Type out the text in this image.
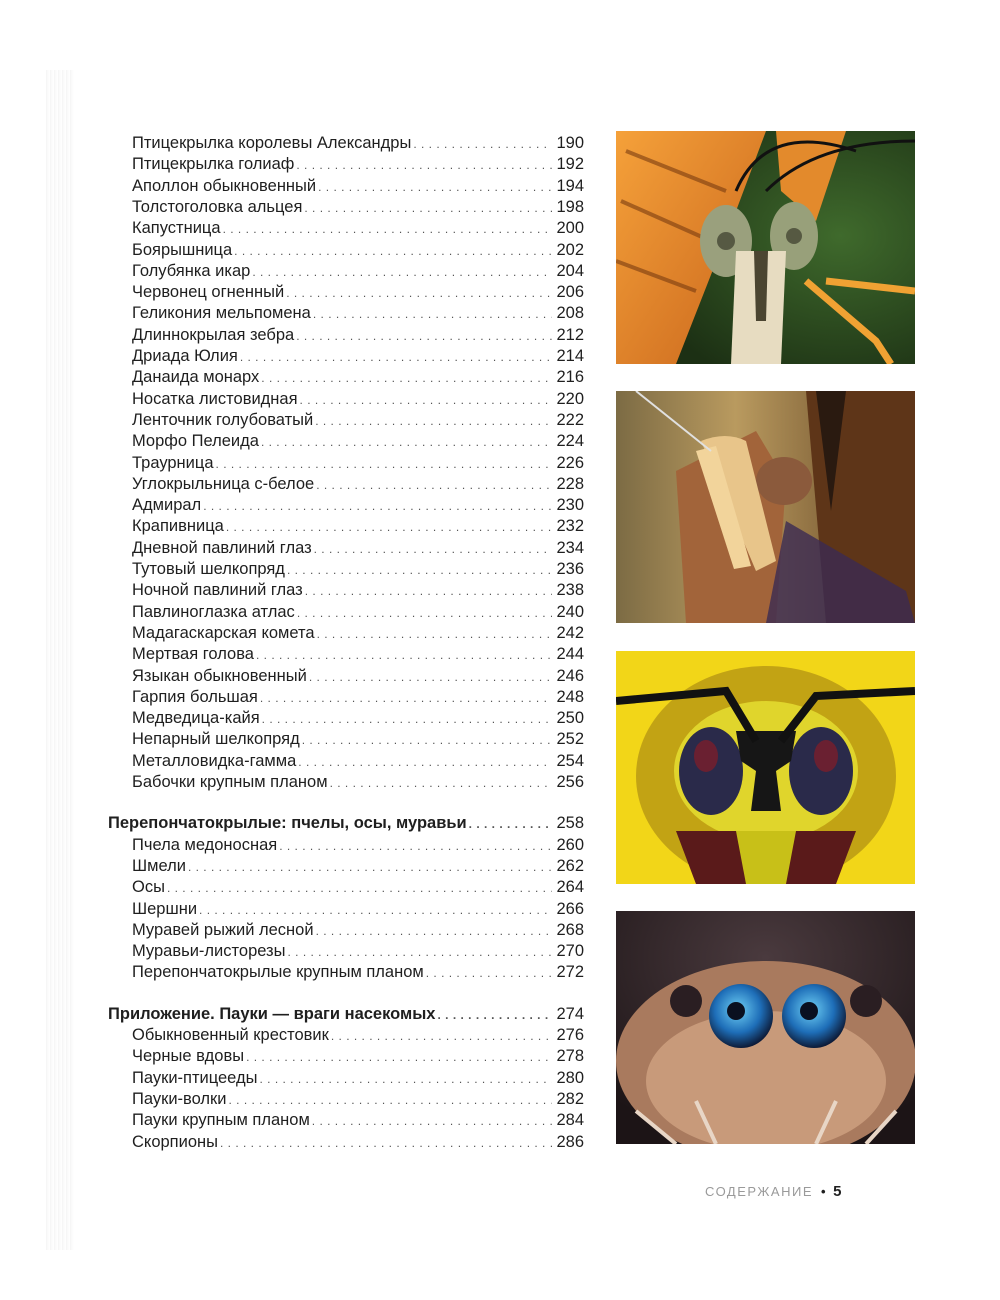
Птицекрылка королевы Александры . . .	190
Птицекрылка голиаф . . .	192
Аполлон обыкновенный . . .	194
Толстоголовка альцея . . .	198
Капустница . . .	200
Боярышница . . .	202
Голубянка икар . . .	204
Червонец огненный . . .	206
Геликония мельпомена . . .	208
Длиннокрылая зебра . . .	212
Дриада Юлия . . .	214
Данаида монарх . . .	216
Носатка листовидная . . .	220
Ленточник голубоватый . . .	222
Морфо Пелеида . . .	224
Траурница . . .	226
Углокрыльница с-белое . . .	228
Адмирал . . .	230
Крапивница . . .	232
Дневной павлиний глаз . . .	234
Тутовый шелкопряд . . .	236
Ночной павлиний глаз . . .	238
Павлиноглазка атлас . . .	240
Мадагаскарская комета . . .	242
Мертвая голова . . .	244
Языкан обыкновенный . . .	246
Гарпия большая . . .	248
Медведица-кайя . . .	250
Непарный шелкопряд . . .	252
Металловидка-гамма . . .	254
Бабочки крупным планом . . .	256
Перепончатокрылые: пчелы, осы, муравьи . . .	258
Пчела медоносная . . .	260
Шмели . . .	262
Осы . . .	264
Шершни . . .	266
Муравей рыжий лесной . . .	268
Муравьи-листорезы . . .	270
Перепончатокрылые крупным планом . . .	272
Приложение. Пауки — враги насекомых . . .	274
Обыкновенный крестовик . . .	276
Черные вдовы . . .	278
Пауки-птицееды . . .	280
Пауки-волки . . .	282
Пауки крупным планом . . .	284
Скорпионы . . .	286
СОДЕРЖАНИЕ • 5
